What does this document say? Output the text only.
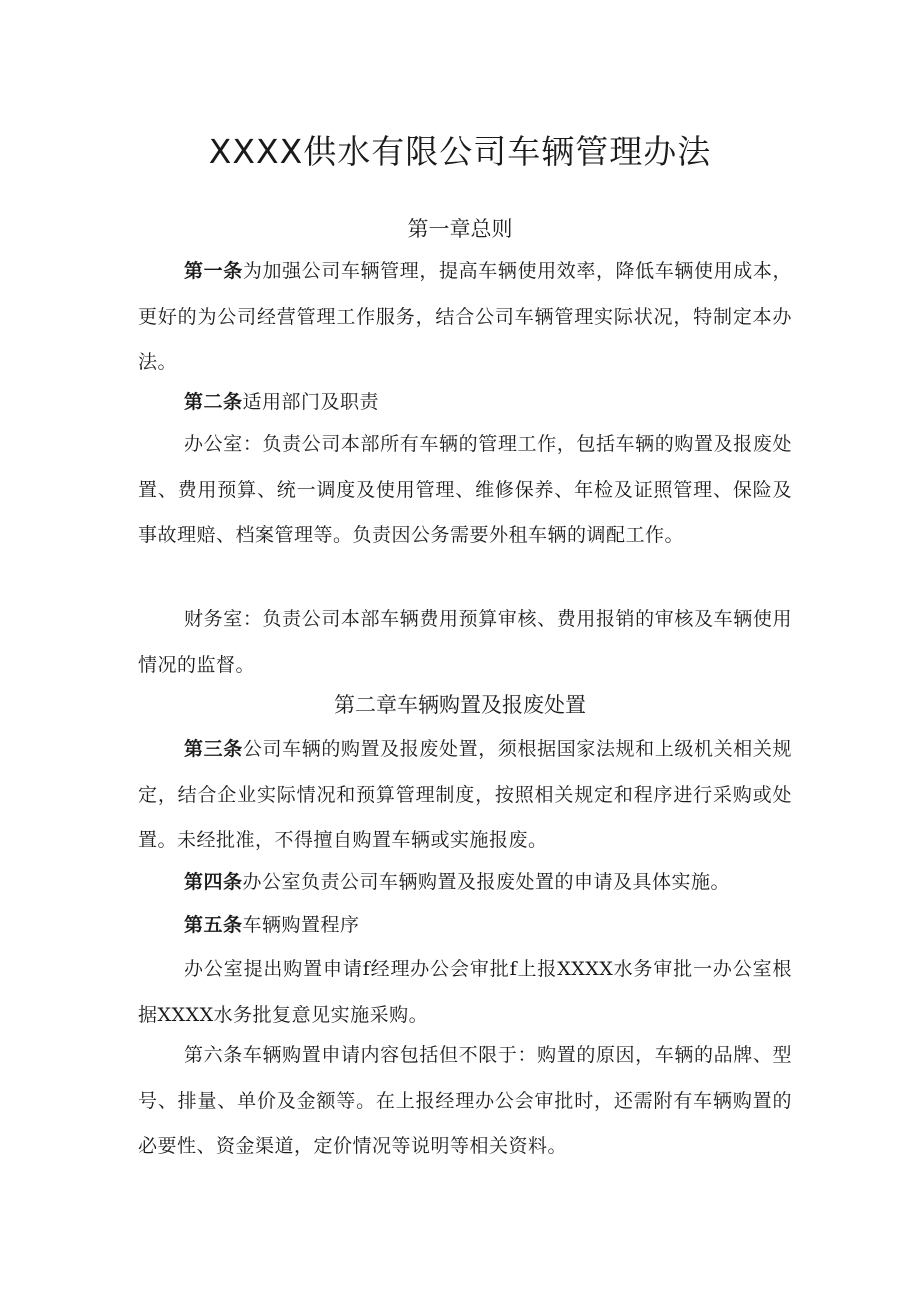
XXXX供水有限公司车辆管理办法
第一章总则

第一条为加强公司车辆管理，提高车辆使用效率，降低车辆使用成本，更好的为公司经营管理工作服务，结合公司车辆管理实际状况，特制定本办法。

第二条适用部门及职责

办公室：负责公司本部所有车辆的管理工作，包括车辆的购置及报废处置、费用预算、统一调度及使用管理、维修保养、年检及证照管理、保险及事故理赔、档案管理等。负责因公务需要外租车辆的调配工作。

财务室：负责公司本部车辆费用预算审核、费用报销的审核及车辆使用情况的监督。

第二章车辆购置及报废处置

第三条公司车辆的购置及报废处置，须根据国家法规和上级机关相关规定，结合企业实际情况和预算管理制度，按照相关规定和程序进行采购或处置。未经批准，不得擅自购置车辆或实施报废。

第四条办公室负责公司车辆购置及报废处置的申请及具体实施。

第五条车辆购置程序

办公室提出购置申请f经理办公会审批f上报XXXX水务审批一办公室根据XXXX水务批复意见实施采购。

第六条车辆购置申请内容包括但不限于：购置的原因，车辆的品牌、型号、排量、单价及金额等。在上报经理办公会审批时，还需附有车辆购置的必要性、资金渠道，定价情况等说明等相关资料。
